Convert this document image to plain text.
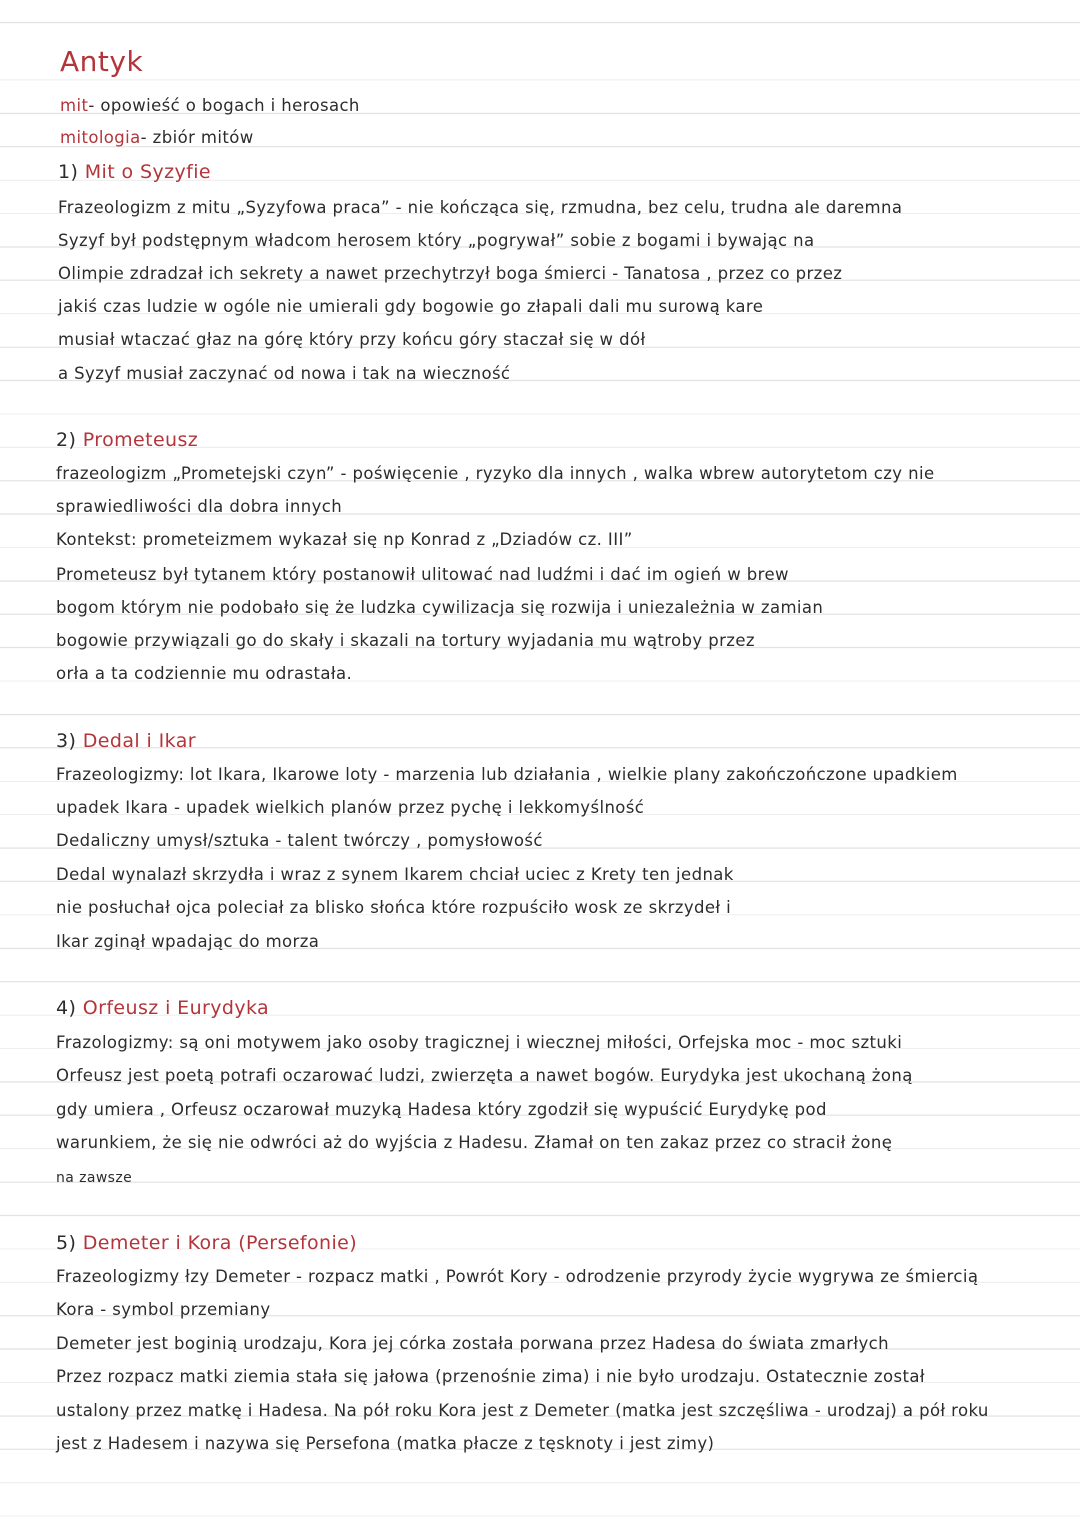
Antyk
mit- opowieść o bogach i herosach
mitologia- zbiór mitów
1) Mit o Syzyfie
Frazeologizm z mitu „Syzyfowa praca” - nie kończąca się, rzmudna, bez celu, trudna ale daremna
Syzyf był podstępnym władcom herosem który „pogrywał” sobie z bogami i bywając na
Olimpie zdradzał ich sekrety a nawet przechytrzył boga śmierci - Tanatosa , przez co przez
jakiś czas ludzie w ogóle nie umierali gdy bogowie go złapali dali mu surową kare
musiał wtaczać głaz na górę który przy końcu góry staczał się w dół
a Syzyf musiał zaczynać od nowa i tak na wieczność
2) Prometeusz
frazeologizm „Prometejski czyn” - poświęcenie , ryzyko dla innych , walka wbrew autorytetom czy nie
sprawiedliwości dla dobra innych
Kontekst: prometeizmem wykazał się np Konrad z „Dziadów cz. III”
Prometeusz był tytanem który postanowił ulitować nad ludźmi i dać im ogień w brew
bogom którym nie podobało się że ludzka cywilizacja się rozwija i uniezależnia w zamian
bogowie przywiązali go do skały i skazali na tortury wyjadania mu wątroby przez
orła a ta codziennie mu odrastała.
3) Dedal i Ikar
Frazeologizmy: lot Ikara, Ikarowe loty - marzenia lub działania , wielkie plany zakończończone upadkiem
upadek Ikara - upadek wielkich planów przez pychę i lekkomyślność
Dedaliczny umysł/sztuka - talent twórczy , pomysłowość
Dedal wynalazł skrzydła i wraz z synem Ikarem chciał uciec z Krety ten jednak
nie posłuchał ojca poleciał za blisko słońca które rozpuściło wosk ze skrzydeł i
Ikar zginął wpadając do morza
4) Orfeusz i Eurydyka
Frazologizmy: są oni motywem jako osoby tragicznej i wiecznej miłości, Orfejska moc - moc sztuki
Orfeusz jest poetą potrafi oczarować ludzi, zwierzęta a nawet bogów. Eurydyka jest ukochaną żoną
gdy umiera , Orfeusz oczarował muzyką Hadesa który zgodził się wypuścić Eurydykę pod
warunkiem, że się nie odwróci aż do wyjścia z Hadesu. Złamał on ten zakaz przez co stracił żonę
na zawsze
5) Demeter i Kora (Persefonie)
Frazeologizmy łzy Demeter - rozpacz matki , Powrót Kory - odrodzenie przyrody życie wygrywa ze śmiercią
Kora - symbol przemiany
Demeter jest boginią urodzaju, Kora jej córka została porwana przez Hadesa do świata zmarłych
Przez rozpacz matki ziemia stała się jałowa (przenośnie zima) i nie było urodzaju. Ostatecznie został
ustalony przez matkę i Hadesa. Na pół roku Kora jest z Demeter (matka jest szczęśliwa - urodzaj) a pół roku
jest z Hadesem i nazywa się Persefona (matka płacze z tęsknoty i jest zimy)
